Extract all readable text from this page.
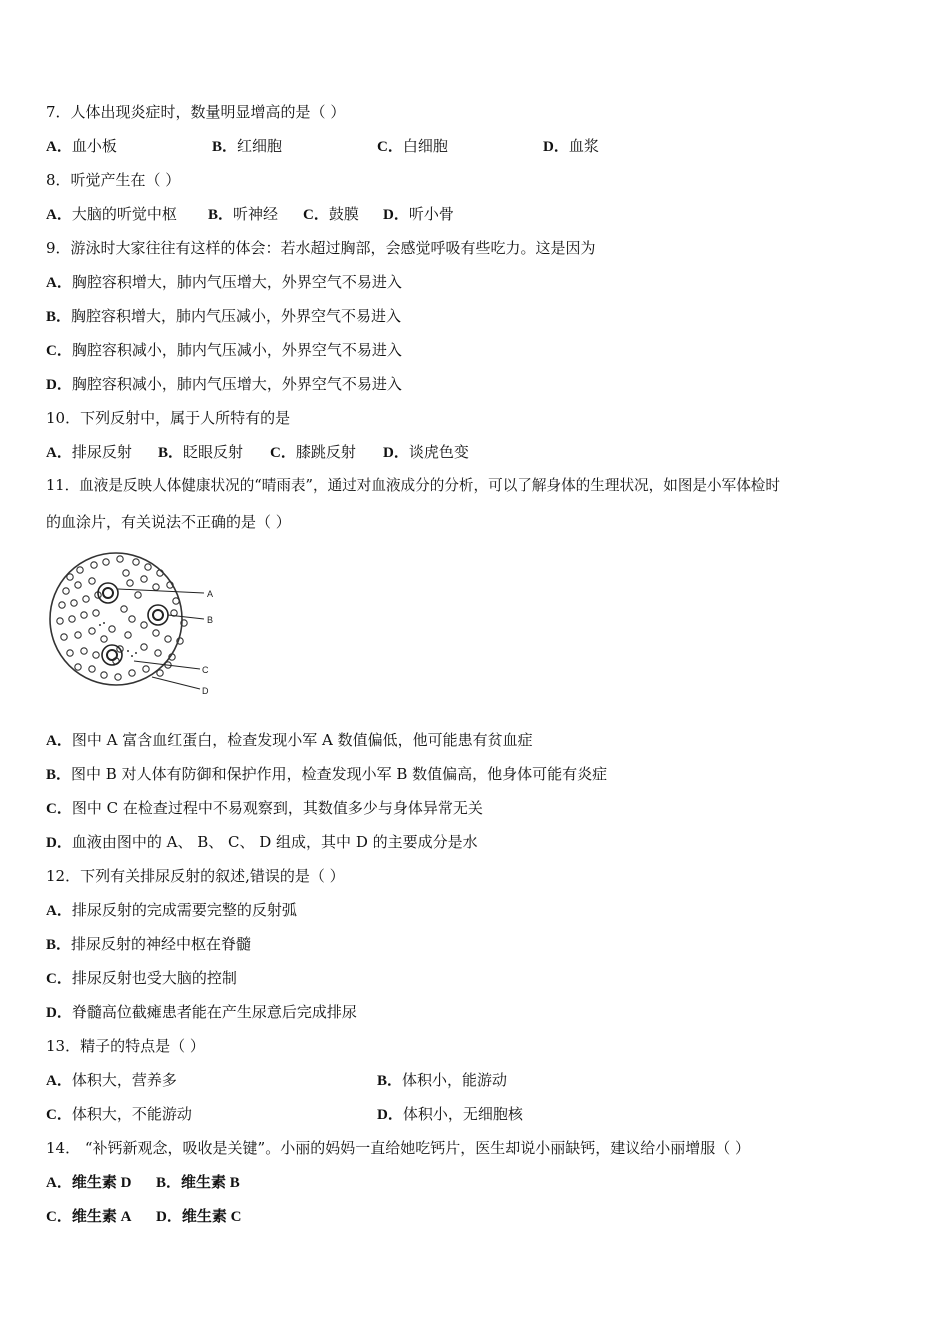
7．人体出现炎症时，数量明显增高的是（ ）
A．血小板	B．红细胞	C．白细胞	D．血浆
8．听觉产生在（ ）
A．大脑的听觉中枢 B．听神经 C．鼓膜 D．听小骨
9．游泳时大家往往有这样的体会：若水超过胸部，会感觉呼吸有些吃力。这是因为
A．胸腔容积增大，肺内气压增大，外界空气不易进入
B．胸腔容积增大，肺内气压减小，外界空气不易进入
C．胸腔容积减小，肺内气压减小，外界空气不易进入
D．胸腔容积减小，肺内气压增大，外界空气不易进入
10．下列反射中，属于人所特有的是
A．排尿反射 B．眨眼反射 C．膝跳反射 D．谈虎色变
11．血液是反映人体健康状况的“晴雨表”，通过对血液成分的分析，可以了解身体的生理状况，如图是小军体检时
的血涂片，有关说法不正确的是（ ）
A
B
C
D
A．图中 A 富含血红蛋白，检查发现小军 A 数值偏低，他可能患有贫血症
B．图中 B 对人体有防御和保护作用，检查发现小军 B 数值偏高，他身体可能有炎症
C．图中 C 在检查过程中不易观察到，其数值多少与身体异常无关
D．血液由图中的 A、 B、 C、 D 组成，其中 D 的主要成分是水
12．下列有关排尿反射的叙述,错误的是（ ）
A．排尿反射的完成需要完整的反射弧
B．排尿反射的神经中枢在脊髓
C．排尿反射也受大脑的控制
D．脊髓高位截瘫患者能在产生尿意后完成排尿
13．精子的特点是（ ）
A．体积大，营养多	B．体积小，能游动
C．体积大，不能游动	D．体积小，无细胞核
14． “补钙新观念，吸收是关键”。小丽的妈妈一直给她吃钙片，医生却说小丽缺钙，建议给小丽增服（ ）
A．维生素 D B．维生素 B
C．维生素 A D．维生素 C
